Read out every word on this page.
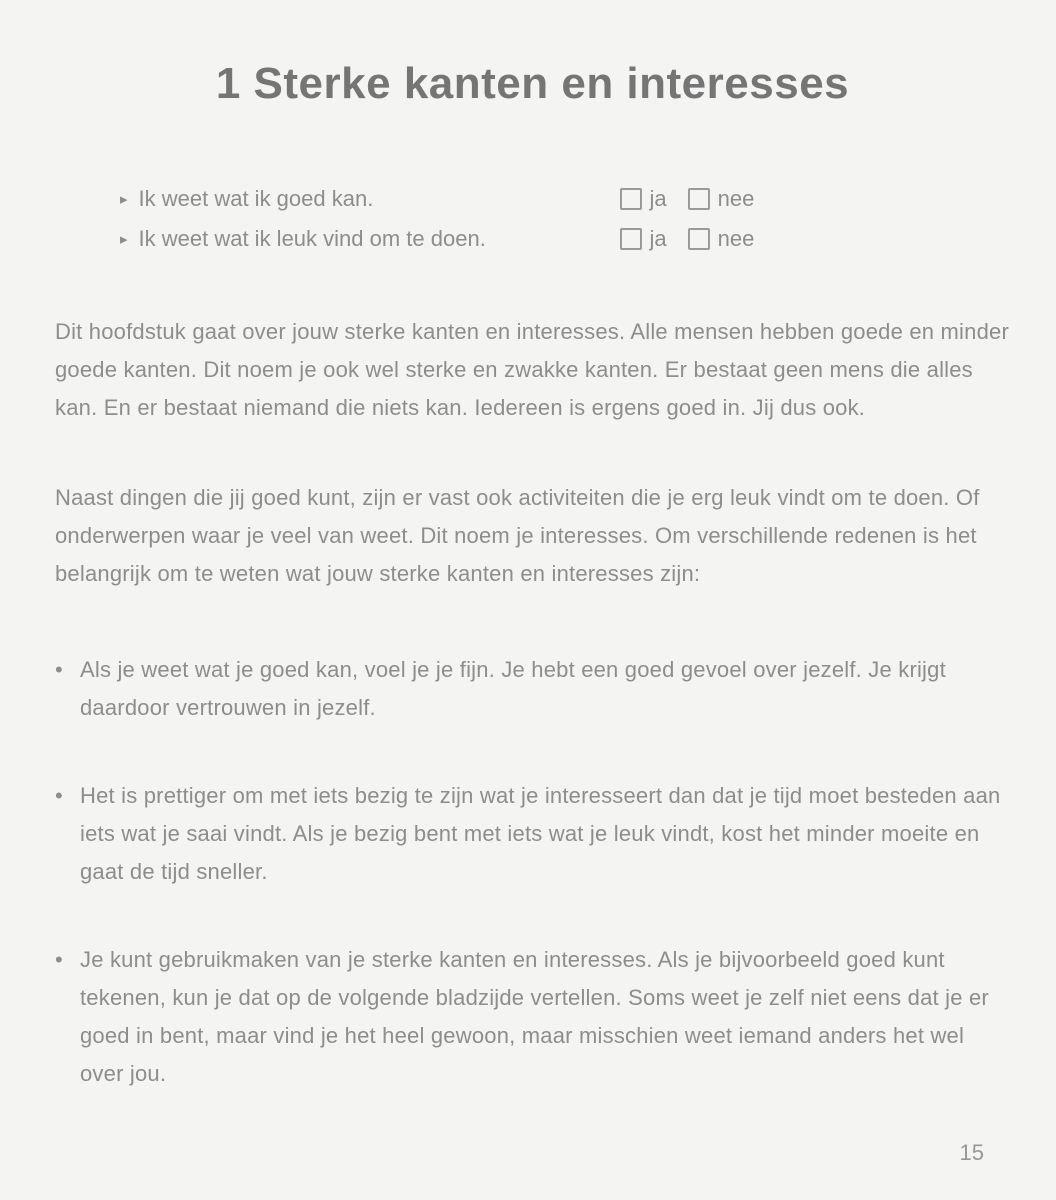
1 Sterke kanten en interesses
▸ Ik weet wat ik goed kan.	ja nee
▸ Ik weet wat ik leuk vind om te doen.	ja nee

Dit hoofdstuk gaat over jouw sterke kanten en interesses. Alle mensen hebben goede en minder goede kanten. Dit noem je ook wel sterke en zwakke kanten. Er bestaat geen mens die alles kan. En er bestaat niemand die niets kan. Iedereen is ergens goed in. Jij dus ook.

Naast dingen die jij goed kunt, zijn er vast ook activiteiten die je erg leuk vindt om te doen. Of onderwerpen waar je veel van weet. Dit noem je interesses. Om verschillende redenen is het belangrijk om te weten wat jouw sterke kanten en interesses zijn:

• Als je weet wat je goed kan, voel je je fijn. Je hebt een goed gevoel over jezelf. Je krijgt daardoor vertrouwen in jezelf.
• Het is prettiger om met iets bezig te zijn wat je interesseert dan dat je tijd moet besteden aan iets wat je saai vindt. Als je bezig bent met iets wat je leuk vindt, kost het minder moeite en gaat de tijd sneller.
• Je kunt gebruikmaken van je sterke kanten en interesses. Als je bijvoorbeeld goed kunt tekenen, kun je dat op de volgende bladzijde vertellen. Soms weet je zelf niet eens dat je er goed in bent, maar vind je het heel gewoon, maar misschien weet iemand anders het wel over jou.
15
